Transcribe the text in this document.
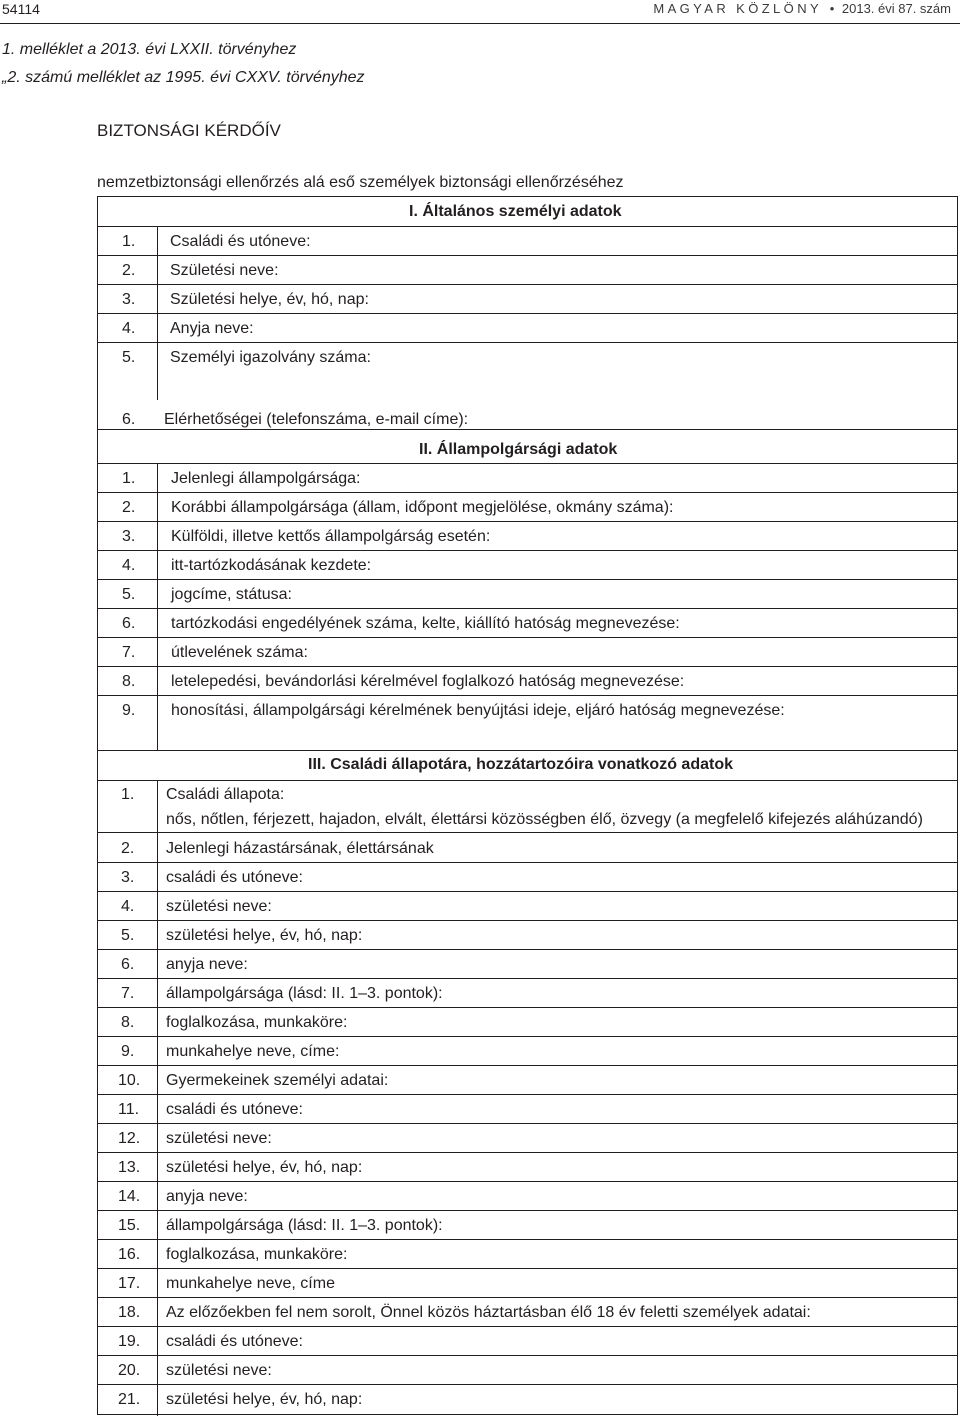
54114	MAGYAR KÖZLÖNY • 2013. évi 87. szám
1. melléklet a 2013. évi LXXII. törvényhez
„2. számú melléklet az 1995. évi CXXV. törvényhez
BIZTONSÁGI KÉRDŐÍV
nemzetbiztonsági ellenőrzés alá eső személyek biztonsági ellenőrzéséhez
I. Általános személyi adatok
1. Családi és utóneve:
2. Születési neve:
3. Születési helye, év, hó, nap:
4. Anyja neve:
5. Személyi igazolvány száma:
6. Elérhetőségei (telefonszáma, e-mail címe):
II. Állampolgársági adatok
1. Jelenlegi állampolgársága:
2. Korábbi állampolgársága (állam, időpont megjelölése, okmány száma):
3. Külföldi, illetve kettős állampolgárság esetén:
4. itt-tartózkodásának kezdete:
5. jogcíme, státusa:
6. tartózkodási engedélyének száma, kelte, kiállító hatóság megnevezése:
7. útlevelének száma:
8. letelepedési, bevándorlási kérelmével foglalkozó hatóság megnevezése:
9. honosítási, állampolgársági kérelmének benyújtási ideje, eljáró hatóság megnevezése:
III. Családi állapotára, hozzátartozóira vonatkozó adatok
1. Családi állapota:
nős, nőtlen, férjezett, hajadon, elvált, élettársi közösségben élő, özvegy (a megfelelő kifejezés aláhúzandó)
2. Jelenlegi házastársának, élettársának
3. családi és utóneve:
4. születési neve:
5. születési helye, év, hó, nap:
6. anyja neve:
7. állampolgársága (lásd: II. 1–3. pontok):
8. foglalkozása, munkaköre:
9. munkahelye neve, címe:
10. Gyermekeinek személyi adatai:
11. családi és utóneve:
12. születési neve:
13. születési helye, év, hó, nap:
14. anyja neve:
15. állampolgársága (lásd: II. 1–3. pontok):
16. foglalkozása, munkaköre:
17. munkahelye neve, címe
18. Az előzőekben fel nem sorolt, Önnel közös háztartásban élő 18 év feletti személyek adatai:
19. családi és utóneve:
20. születési neve:
21. születési helye, év, hó, nap:
